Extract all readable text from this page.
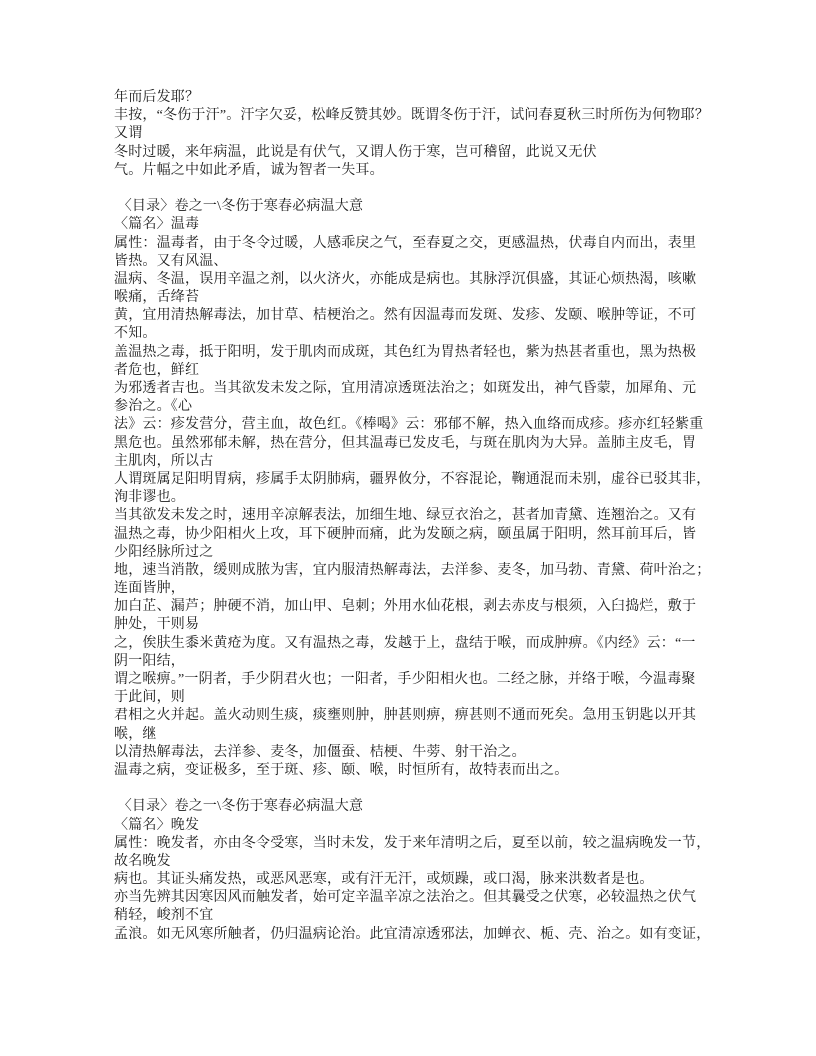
年而后发耶？
丰按，“冬伤于汗”。汗字欠妥，松峰反赞其妙。既谓冬伤于汗，试问春夏秋三时所伤为何物耶？
又谓
冬时过暖，来年病温，此说是有伏气，又谓人伤于寒，岂可稽留，此说又无伏
气。片幅之中如此矛盾，诚为智者一失耳。

〈目录〉卷之一\冬伤于寒春必病温大意
〈篇名〉温毒
属性：温毒者，由于冬令过暖，人感乖戾之气，至春夏之交，更感温热，伏毒自内而出，表里
皆热。又有风温、
温病、冬温，误用辛温之剂，以火济火，亦能成是病也。其脉浮沉俱盛，其证心烦热渴，咳嗽
喉痛，舌绛苔
黄，宜用清热解毒法，加甘草、桔梗治之。然有因温毒而发斑、发疹、发颐、喉肿等证，不可
不知。
盖温热之毒，抵于阳明，发于肌肉而成斑，其色红为胃热者轻也，紫为热甚者重也，黑为热极
者危也，鲜红
为邪透者吉也。当其欲发未发之际，宜用清凉透斑法治之；如斑发出，神气昏蒙，加犀角、元
参治之。《心
法》云：疹发营分，营主血，故色红。《棒喝》云：邪郁不解，热入血络而成疹。疹亦红轻紫重
黑危也。虽然邪郁未解，热在营分，但其温毒已发皮毛，与斑在肌肉为大异。盖肺主皮毛，胃
主肌肉，所以古
人谓斑属足阳明胃病，疹属手太阴肺病，疆界攸分，不容混论，鞠通混而未别，虚谷已驳其非，
洵非谬也。
当其欲发未发之时，速用辛凉解表法，加细生地、绿豆衣治之，甚者加青黛、连翘治之。又有
温热之毒，协少阳相火上攻，耳下硬肿而痛，此为发颐之病，颐虽属于阳明，然耳前耳后，皆
少阳经脉所过之
地，速当消散，缓则成脓为害，宜内服清热解毒法，去洋参、麦冬，加马勃、青黛、荷叶治之；
连面皆肿，
加白芷、漏芦；肿硬不消，加山甲、皂刺；外用水仙花根，剥去赤皮与根须，入臼捣烂，敷于
肿处，干则易
之，俟肤生黍米黄疮为度。又有温热之毒，发越于上，盘结于喉，而成肿痹。《内经》云：“一
阴一阳结，
谓之喉痹。”一阴者，手少阴君火也；一阳者，手少阳相火也。二经之脉，并络于喉，今温毒聚
于此间，则
君相之火并起。盖火动则生痰，痰壅则肿，肿甚则痹，痹甚则不通而死矣。急用玉钥匙以开其
喉，继
以清热解毒法，去洋参、麦冬，加僵蚕、桔梗、牛蒡、射干治之。
温毒之病，变证极多，至于斑、疹、颐、喉，时恒所有，故特表而出之。

〈目录〉卷之一\冬伤于寒春必病温大意
〈篇名〉晚发
属性：晚发者，亦由冬令受寒，当时未发，发于来年清明之后，夏至以前，较之温病晚发一节，
故名晚发
病也。其证头痛发热，或恶风恶寒，或有汗无汗，或烦躁，或口渴，脉来洪数者是也。
亦当先辨其因寒因风而触发者，始可定辛温辛凉之法治之。但其曩受之伏寒，必较温热之伏气
稍轻，峻剂不宜
孟浪。如无风寒所触者，仍归温病论治。此宜清凉透邪法，加蝉衣、栀、壳、治之。如有变证，
